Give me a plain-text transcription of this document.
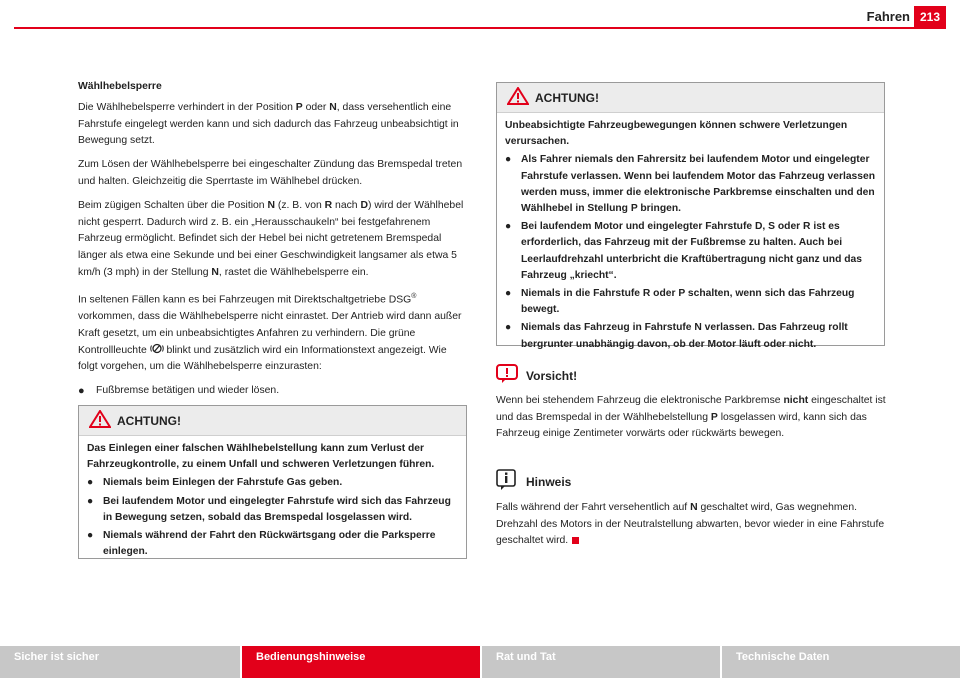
Fahren 213
Wählhebelsperre

Die Wählhebelsperre verhindert in der Position P oder N, dass versehentlich eine Fahrstufe eingelegt werden kann und sich dadurch das Fahrzeug unbeabsichtigt in Bewegung setzt.

Zum Lösen der Wählhebelsperre bei eingeschalter Zündung das Bremspedal treten und halten. Gleichzeitig die Sperrtaste im Wählhebel drücken.

Beim zügigen Schalten über die Position N (z. B. von R nach D) wird der Wählhebel nicht gesperrt. Dadurch wird z. B. ein „Herausschaukeln“ bei festgefahrenem Fahrzeug ermöglicht. Befindet sich der Hebel bei nicht getretenem Bremspedal länger als etwa eine Sekunde und bei einer Geschwindigkeit langsamer als etwa 5 km/h (3 mph) in der Stellung N, rastet die Wählhebelsperre ein.

In seltenen Fällen kann es bei Fahrzeugen mit Direktschaltgetriebe DSG® vorkommen, dass die Wählhebelsperre nicht einrastet. Der Antrieb wird dann außer Kraft gesetzt, um ein unbeabsichtigtes Anfahren zu verhindern. Die grüne Kontrollleuchte  blinkt und zusätzlich wird ein Informationstext angezeigt. Wie folgt vorgehen, um die Wählhebelsperre einzurasten:

●	Fußbremse betätigen und wieder lösen.
ACHTUNG!
Das Einlegen einer falschen Wählhebelstellung kann zum Verlust der Fahrzeugkontrolle, zu einem Unfall und schweren Verletzungen führen.
● Niemals beim Einlegen der Fahrstufe Gas geben.
● Bei laufendem Motor und eingelegter Fahrstufe wird sich das Fahrzeug in Bewegung setzen, sobald das Bremspedal losgelassen wird.
● Niemals während der Fahrt den Rückwärtsgang oder die Parksperre einlegen.
ACHTUNG!
Unbeabsichtigte Fahrzeugbewegungen können schwere Verletzungen verursachen.
● Als Fahrer niemals den Fahrersitz bei laufendem Motor und eingelegter Fahrstufe verlassen. Wenn bei laufendem Motor das Fahrzeug verlassen werden muss, immer die elektronische Parkbremse einschalten und den Wählhebel in Stellung P bringen.
● Bei laufendem Motor und eingelegter Fahrstufe D, S oder R ist es erforderlich, das Fahrzeug mit der Fußbremse zu halten. Auch bei Leerlaufdrehzahl unterbricht die Kraftübertragung nicht ganz und das Fahrzeug „kriecht“.
● Niemals in die Fahrstufe R oder P schalten, wenn sich das Fahrzeug bewegt.
● Niemals das Fahrzeug in Fahrstufe N verlassen. Das Fahrzeug rollt bergrunter unabhängig davon, ob der Motor läuft oder nicht.
Vorsicht!

Wenn bei stehendem Fahrzeug die elektronische Parkbremse nicht eingeschaltet ist und das Bremspedal in der Wählhebelstellung P losgelassen wird, kann sich das Fahrzeug einige Zentimeter vorwärts oder rückwärts bewegen.

Hinweis

Falls während der Fahrt versehentlich auf N geschaltet wird, Gas wegnehmen. Drehzahl des Motors in der Neutralstellung abwarten, bevor wieder in eine Fahrstufe geschaltet wird.

Sicher ist sicher	Bedienungshinweise	Rat und Tat	Technische Daten
